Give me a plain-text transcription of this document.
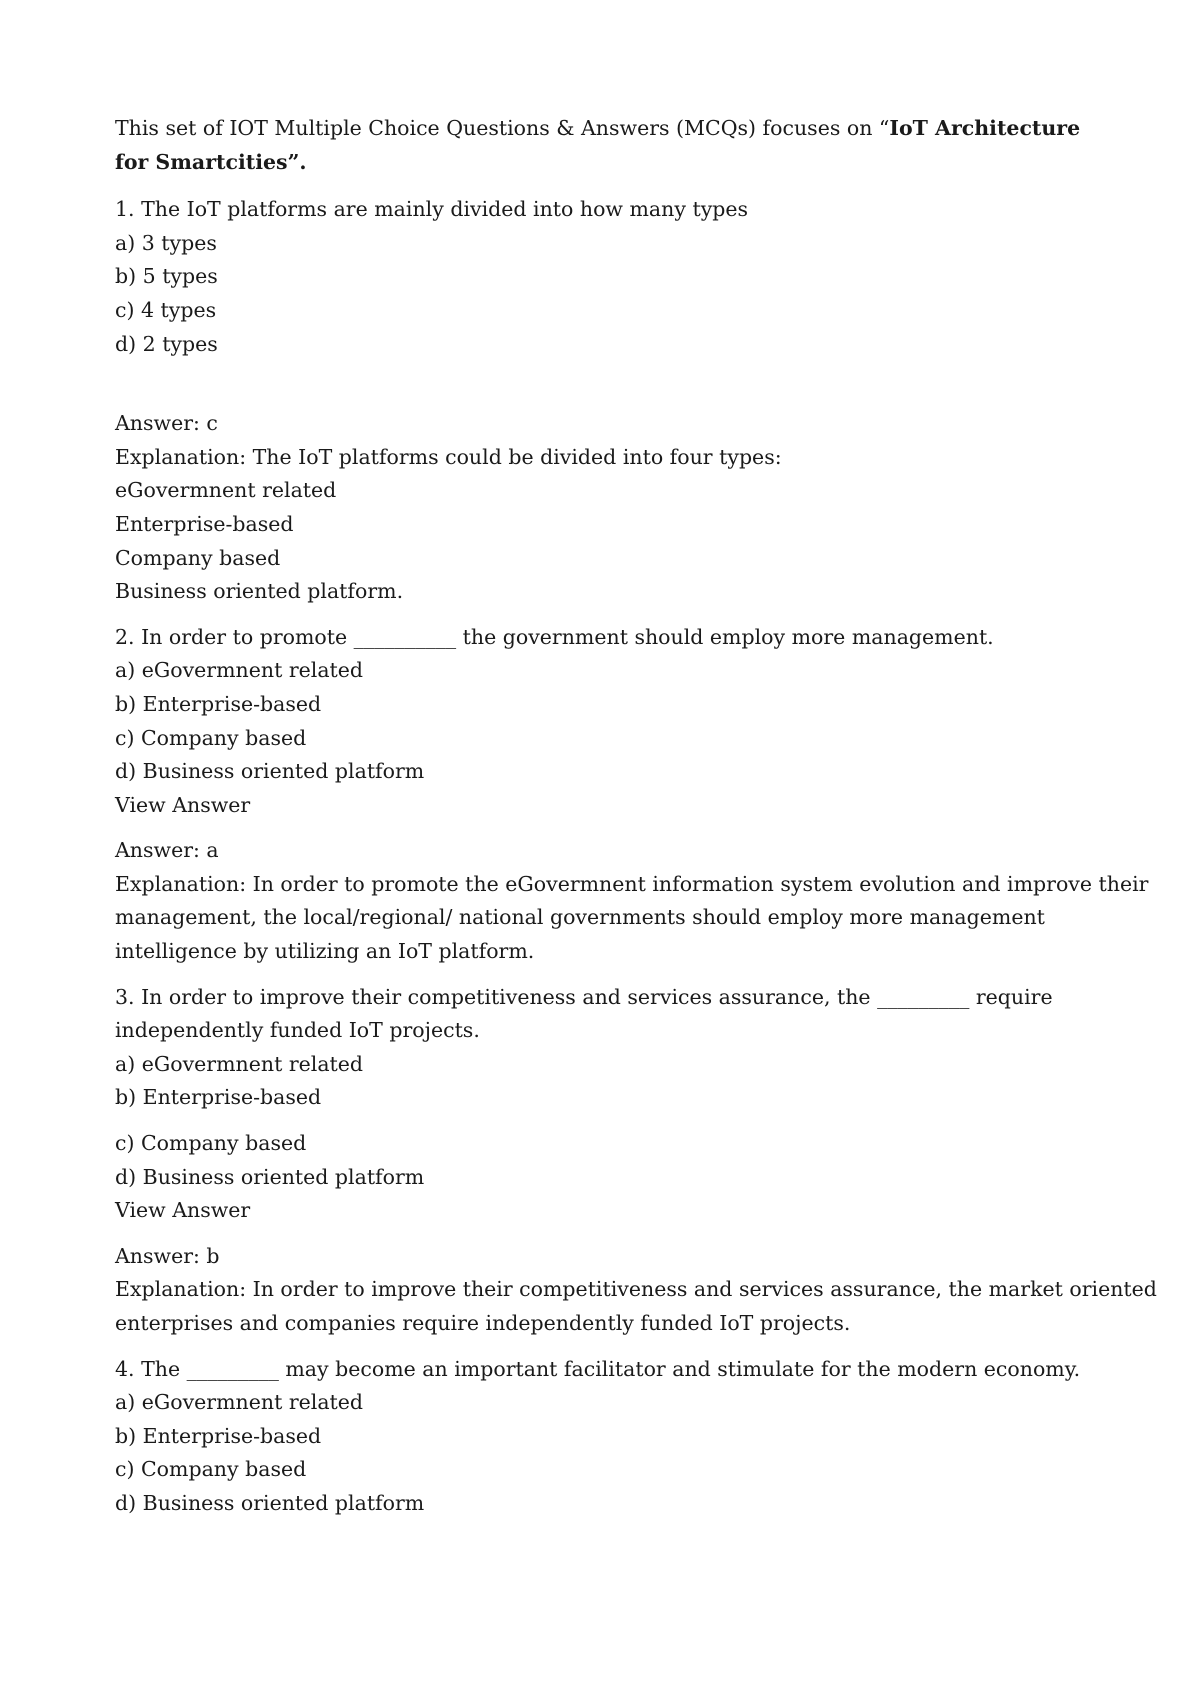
This set of IOT Multiple Choice Questions & Answers (MCQs) focuses on “IoT Architecture for Smartcities”.
1. The IoT platforms are mainly divided into how many types
a) 3 types
b) 5 types
c) 4 types
d) 2 types
Answer: c
Explanation: The IoT platforms could be divided into four types:
eGovermnent related
Enterprise-based
Company based
Business oriented platform.
2. In order to promote __________ the government should employ more management.
a) eGovermnent related
b) Enterprise-based
c) Company based
d) Business oriented platform
View Answer
Answer: a
Explanation: In order to promote the eGovermnent information system evolution and improve their
management, the local/regional/ national governments should employ more management
intelligence by utilizing an IoT platform.
3. In order to improve their competitiveness and services assurance, the _________ require
independently funded IoT projects.
a) eGovermnent related
b) Enterprise-based
c) Company based
d) Business oriented platform
View Answer
Answer: b
Explanation: In order to improve their competitiveness and services assurance, the market oriented
enterprises and companies require independently funded IoT projects.
4. The _________ may become an important facilitator and stimulate for the modern economy.
a) eGovermnent related
b) Enterprise-based
c) Company based
d) Business oriented platform
